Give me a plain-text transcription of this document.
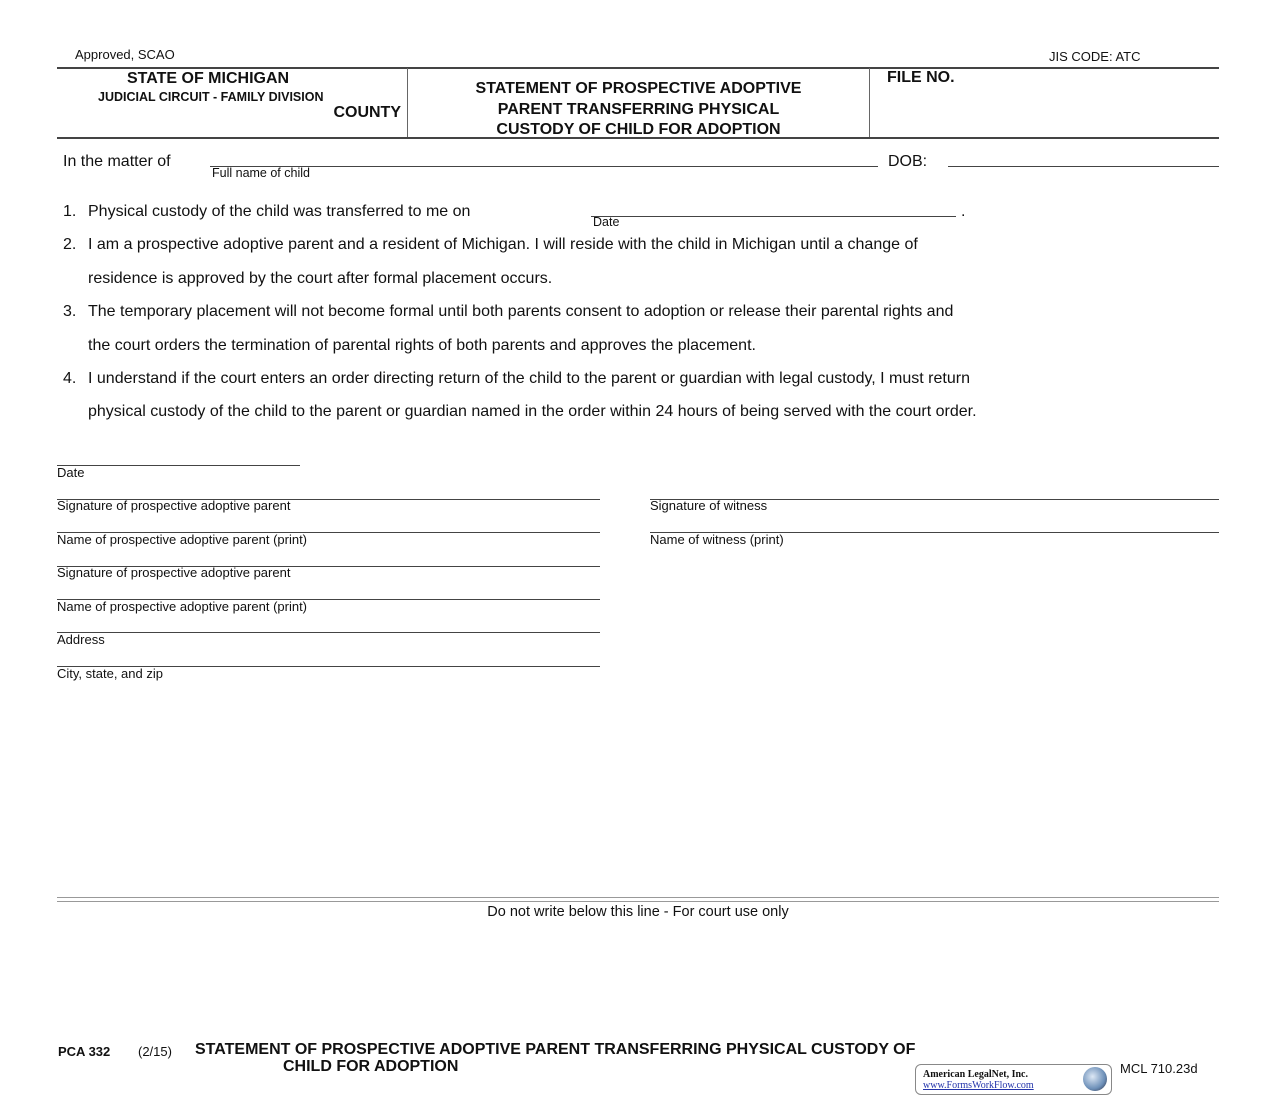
Approved, SCAO	JIS CODE: ATC
STATE OF MICHIGAN
JUDICIAL CIRCUIT - FAMILY DIVISION
COUNTY
STATEMENT OF PROSPECTIVE ADOPTIVE
PARENT TRANSFERRING PHYSICAL
CUSTODY OF CHILD FOR ADOPTION
FILE NO.
In the matter of
Full name of child
DOB:
1. Physical custody of the child was transferred to me on
Date
.
2. I am a prospective adoptive parent and a resident of Michigan. I will reside with the child in Michigan until a change of
residence is approved by the court after formal placement occurs.
3. The temporary placement will not become formal until both parents consent to adoption or release their parental rights and
the court orders the termination of parental rights of both parents and approves the placement.
4. I understand if the court enters an order directing return of the child to the parent or guardian with legal custody, I must return
physical custody of the child to the parent or guardian named in the order within 24 hours of being served with the court order.
Date
Signature of prospective adoptive parent
Name of prospective adoptive parent (print)
Signature of prospective adoptive parent
Name of prospective adoptive parent (print)
Address
City, state, and zip
Signature of witness
Name of witness (print)
Do not write below this line - For court use only
PCA 332 (2/15) STATEMENT OF PROSPECTIVE ADOPTIVE PARENT TRANSFERRING PHYSICAL CUSTODY OF
CHILD FOR ADOPTION	MCL 710.23d
American LegalNet, Inc.
www.FormsWorkFlow.com
